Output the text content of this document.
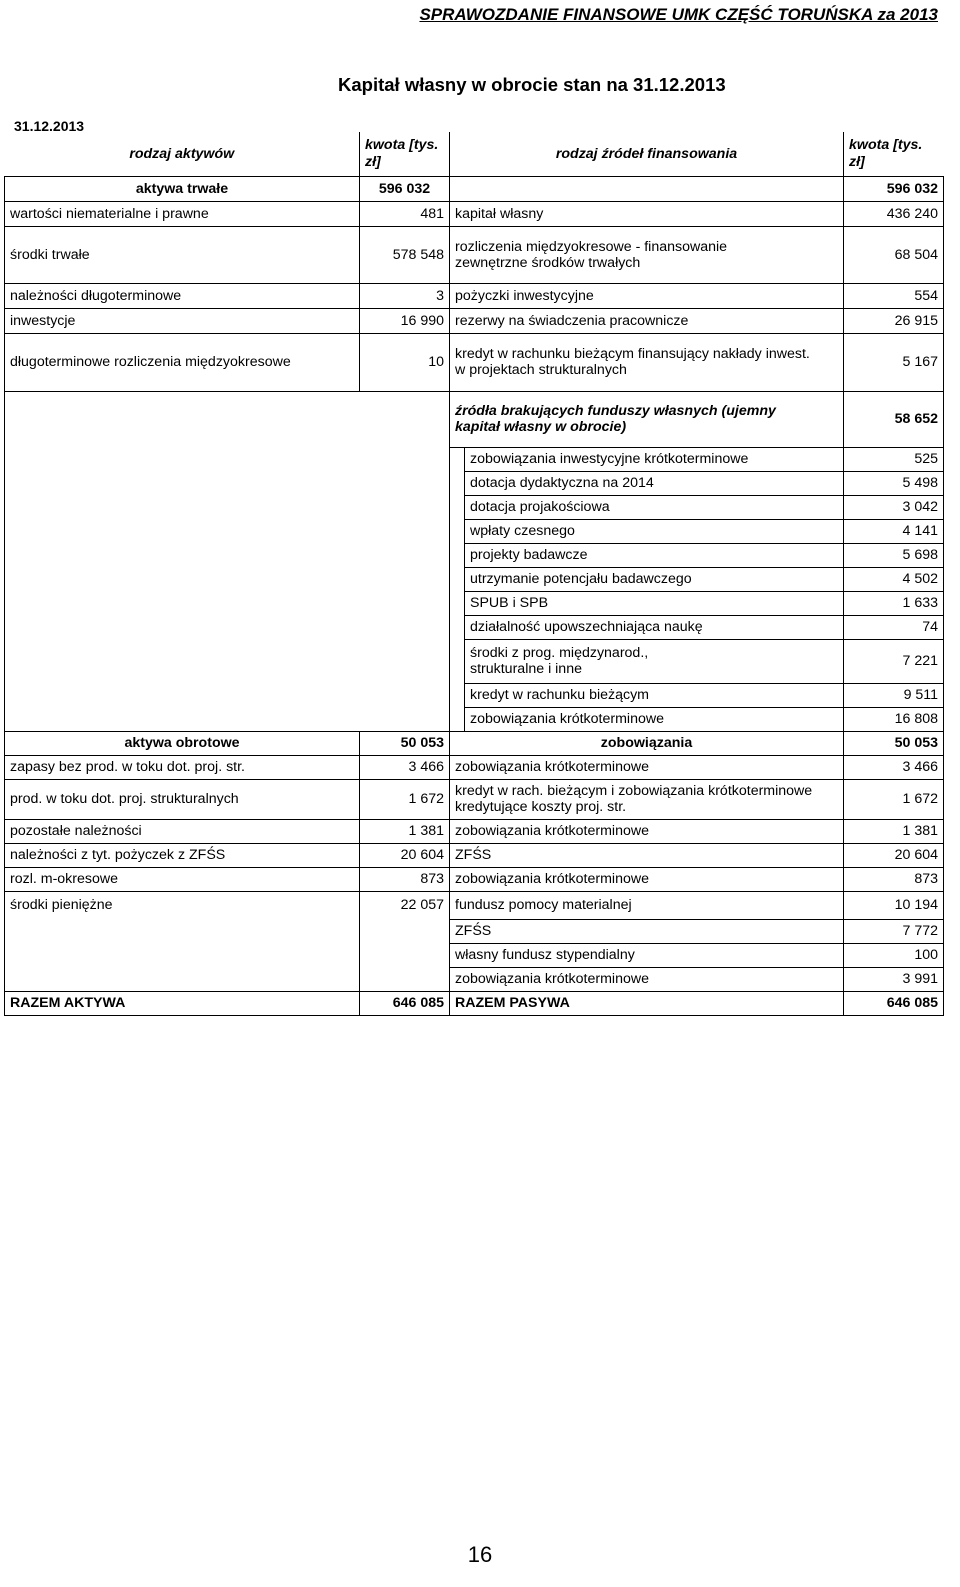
SPRAWOZDANIE FINANSOWE UMK CZĘŚĆ TORUŃSKA za 2013
Kapitał własny w obrocie stan na 31.12.2013
31.12.2013
rodzaj aktywów	kwota [tys. zł]	rodzaj źródeł finansowania		kwota [tys. zł]

aktywa trwałe	596 032			596 032
wartości niematerialne i prawne	481	kapitał własny		436 240
środki trwałe	578 548	rozliczenia międzyokresowe - finansowanie zewnętrzne środków trwałych		68 504
należności długoterminowe	3	pożyczki inwestycyjne		554
inwestycje	16 990	rezerwy na świadczenia pracownicze		26 915
długoterminowe rozliczenia międzyokresowe	10	kredyt w rachunku bieżącym finansujący nakłady inwest. w projektach strukturalnych		5 167
		źródła brakujących funduszy własnych (ujemny kapitał własny w obrocie)		58 652
			zobowiązania inwestycyjne krótkoterminowe	525
			dotacja dydaktyczna na 2014	5 498
			dotacja projakościowa	3 042
			wpłaty czesnego	4 141
			projekty badawcze	5 698
			utrzymanie potencjału badawczego	4 502
			SPUB i SPB	1 633
			działalność upowszechniająca naukę	74
			środki z prog. międzynarod., strukturalne i inne	7 221
			kredyt w rachunku bieżącym	9 511
			zobowiązania krótkoterminowe	16 808
aktywa obrotowe	50 053	zobowiązania		50 053
zapasy bez prod. w toku dot. proj. str.	3 466	zobowiązania krótkoterminowe		3 466
prod. w toku dot. proj. strukturalnych	1 672	kredyt w rach. bieżącym i zobowiązania krótkoterminowe kredytujące koszty proj. str.		1 672
pozostałe należności	1 381	zobowiązania krótkoterminowe		1 381
należności z tyt. pożyczek z ZFŚS	20 604	ZFŚS		20 604
rozl. m-okresowe	873	zobowiązania krótkoterminowe		873
środki pieniężne	22 057	fundusz pomocy materialnej		10 194
		ZFŚS		7 772
		własny fundusz stypendialny		100
		zobowiązania krótkoterminowe		3 991
RAZEM AKTYWA	646 085	RAZEM PASYWA		646 085
16
